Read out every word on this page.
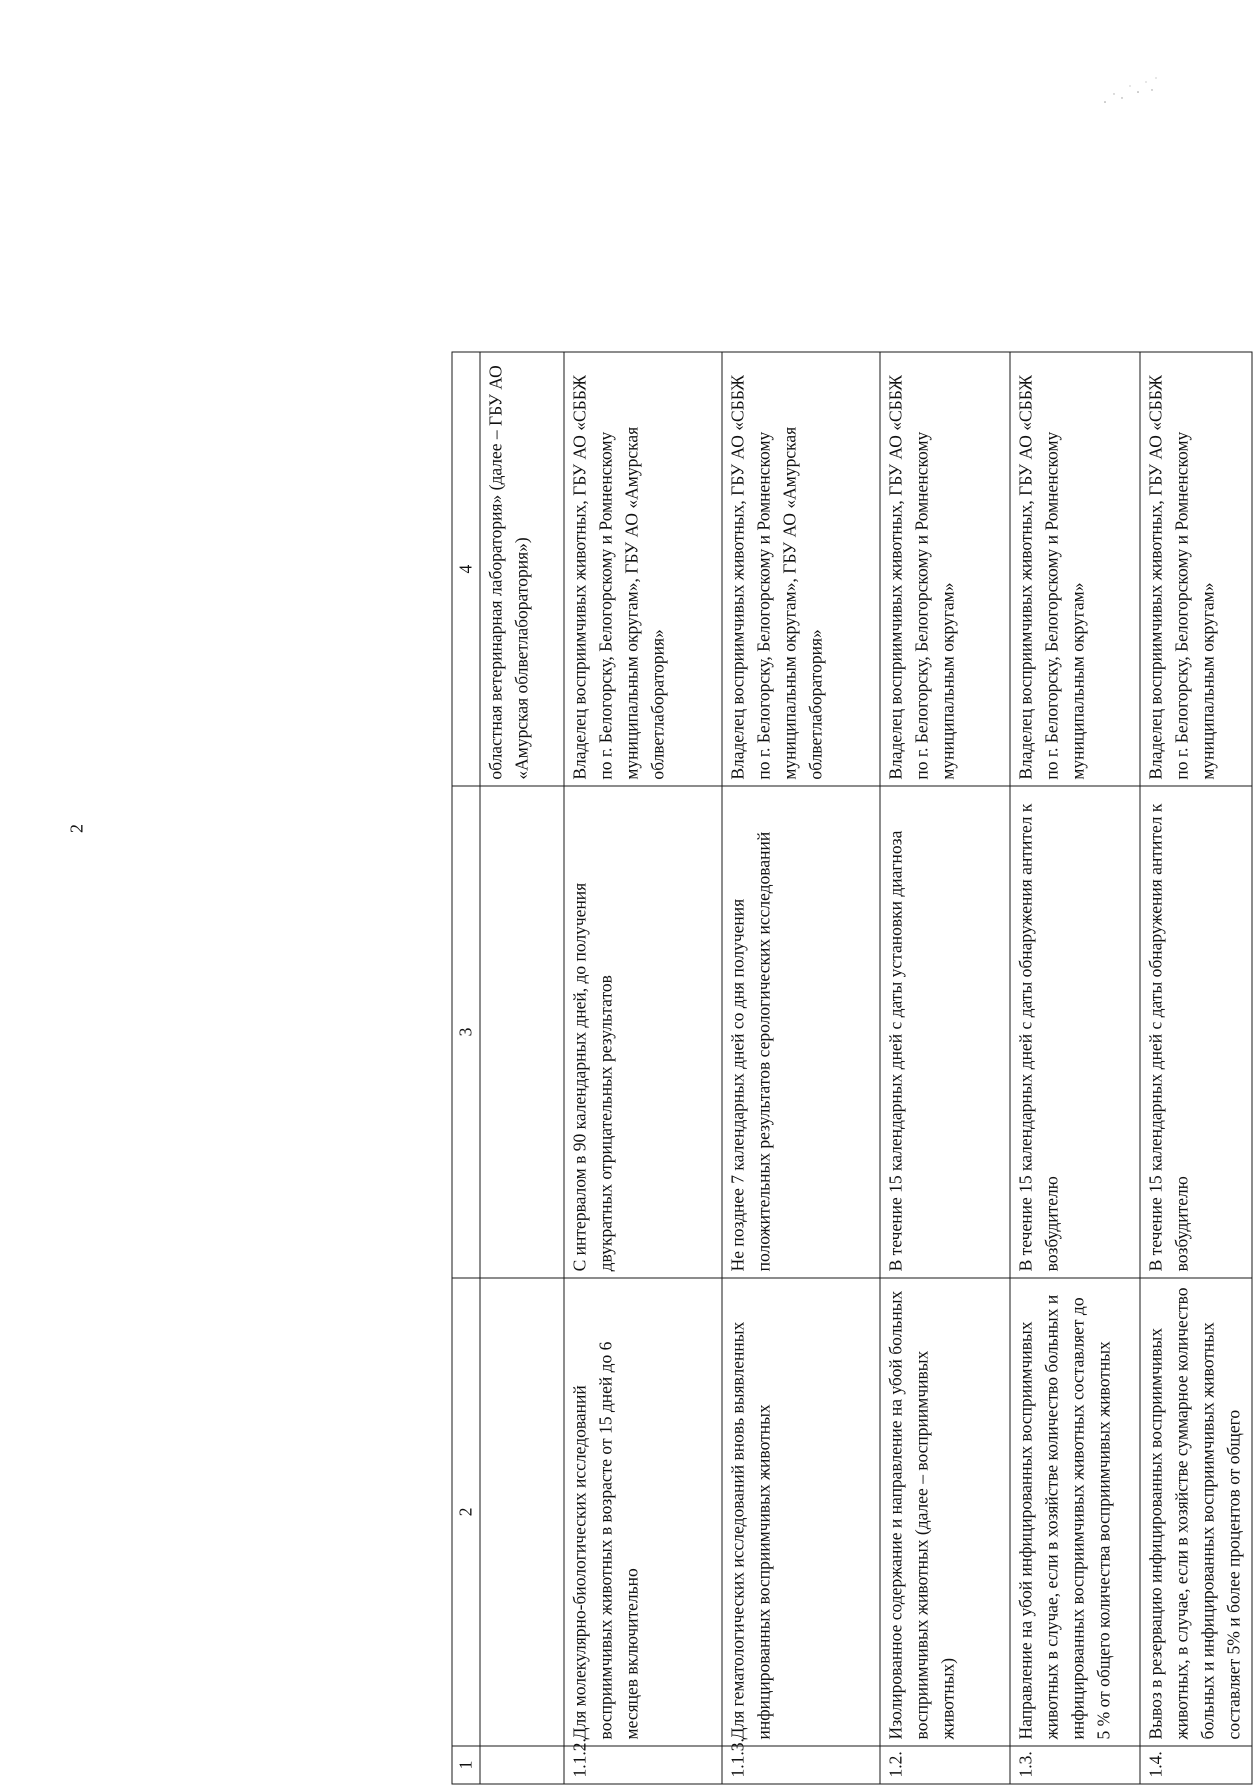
2
1	2	3	4
			областная ветеринарная лаборатория» (далее – ГБУ АО «Амурская облветлаборатория»)
1.1.2.	Для молекулярно-биологических исследований восприимчивых животных в возрасте от 15 дней до 6 месяцев включительно	С интервалом в 90 календарных дней, до получения двукратных отрицательных результатов	Владелец восприимчивых животных, ГБУ АО «СББЖ по г. Белогорску, Белогорскому и Ромненскому муниципальным округам», ГБУ АО «Амурская облветлаборатория»
1.1.3.	Для гематологических исследований вновь выявленных инфицированных восприимчивых животных	Не позднее 7 календарных дней со дня получения положительных результатов серологических исследований	Владелец восприимчивых животных, ГБУ АО «СББЖ по г. Белогорску, Белогорскому и Ромненскому муниципальным округам», ГБУ АО «Амурская облветлаборатория»
1.2.	Изолированное содержание и направление на убой больных восприимчивых животных (далее – восприимчивых животных)	В течение 15 календарных дней с даты установки диагноза	Владелец восприимчивых животных, ГБУ АО «СББЖ по г. Белогорску, Белогорскому и Ромненскому муниципальным округам»
1.3.	Направление на убой инфицированных восприимчивых животных в случае, если в хозяйстве количество больных и инфицированных восприимчивых животных составляет до 5 % от общего количества восприимчивых животных	В течение 15 календарных дней с даты обнаружения антител к возбудителю	Владелец восприимчивых животных, ГБУ АО «СББЖ по г. Белогорску, Белогорскому и Ромненскому муниципальным округам»
1.4.	Вывоз в резервацию инфицированных восприимчивых животных, в случае, если в хозяйстве суммарное количество больных и инфицированных восприимчивых животных составляет 5% и более процентов от общего	В течение 15 календарных дней с даты обнаружения антител к возбудителю	Владелец восприимчивых животных, ГБУ АО «СББЖ по г. Белогорску, Белогорскому и Ромненскому муниципальным округам»
